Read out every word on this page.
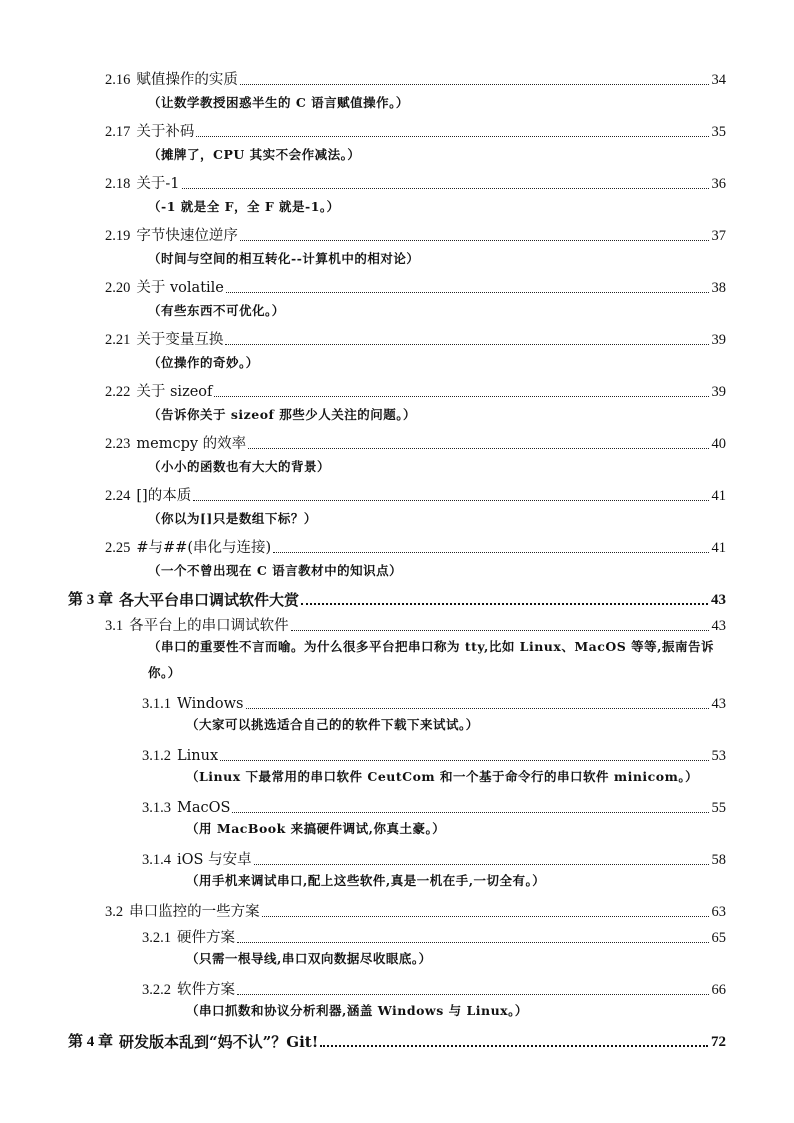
2.16 赋值操作的实质	34
（让数学教授困惑半生的 C 语言赋值操作。）
2.17 关于补码	35
（摊牌了，CPU 其实不会作减法。）
2.18 关于-1	36
（-1 就是全 F，全 F 就是-1。）
2.19 字节快速位逆序	37
（时间与空间的相互转化--计算机中的相对论）
2.20 关于 volatile	38
（有些东西不可优化。）
2.21 关于变量互换	39
（位操作的奇妙。）
2.22 关于 sizeof	39
（告诉你关于 sizeof 那些少人关注的问题。）
2.23 memcpy 的效率	40
（小小的函数也有大大的背景）
2.24 []的本质	41
（你以为[]只是数组下标？）
2.25 #与##(串化与连接)	41
（一个不曾出现在 C 语言教材中的知识点）
第 3 章 各大平台串口调试软件大赏	43
3.1 各平台上的串口调试软件	43
（串口的重要性不言而喻。为什么很多平台把串口称为 tty,比如 Linux、MacOS 等等,振南告诉你。）
3.1.1 Windows	43
（大家可以挑选适合自己的的软件下载下来试试。）
3.1.2 Linux	53
（Linux 下最常用的串口软件 CeutCom 和一个基于命令行的串口软件 minicom。）
3.1.3 MacOS	55
（用 MacBook 来搞硬件调试,你真土豪。）
3.1.4 iOS 与安卓	58
（用手机来调试串口,配上这些软件,真是一机在手,一切全有。）
3.2 串口监控的一些方案	63
3.2.1 硬件方案	65
（只需一根导线,串口双向数据尽收眼底。）
3.2.2 软件方案	66
（串口抓数和协议分析利器,涵盖 Windows 与 Linux。）
第 4 章 研发版本乱到“妈不认”？Git!	72
